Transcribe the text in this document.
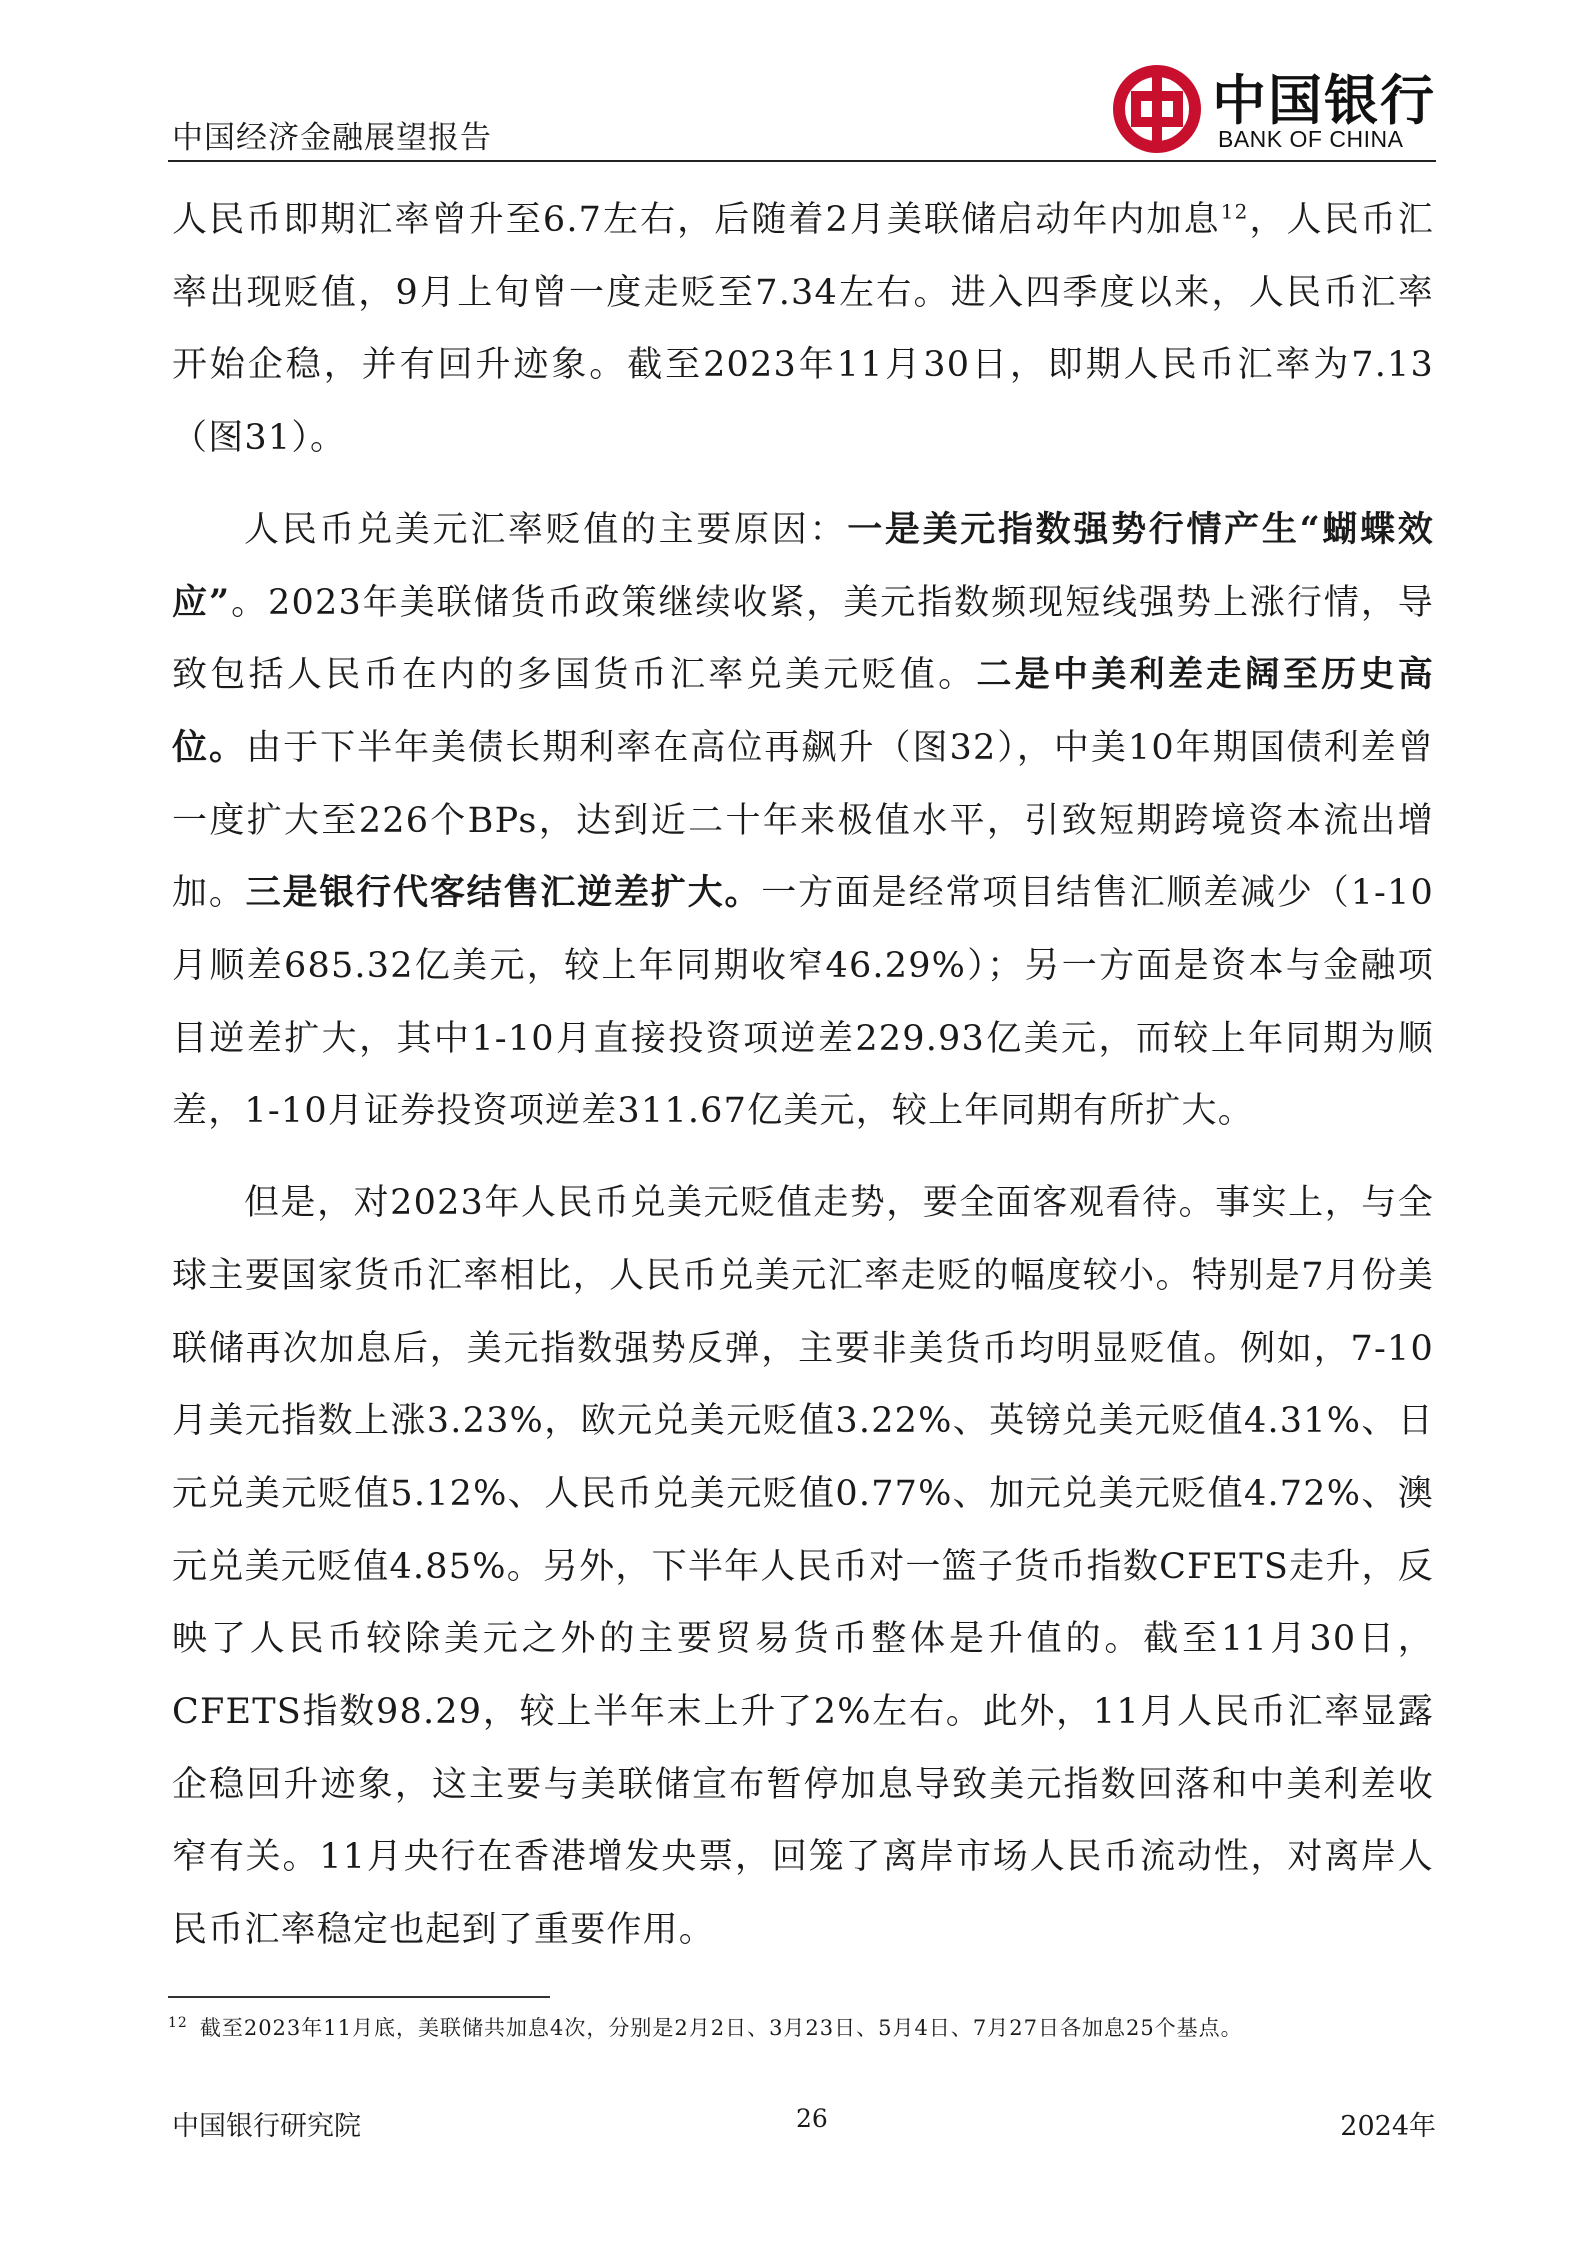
中国经济金融展望报告
中国银行
BANK OF CHINA

人民币即期汇率曾升至6.7左右，后随着2月美联储启动年内加息$^{12}$，人民币汇率出现贬值，9月上旬曾一度走贬至7.34左右。进入四季度以来，人民币汇率开始企稳，并有回升迹象。截至2023年11月30日，即期人民币汇率为7.13（图31）。

人民币兑美元汇率贬值的主要原因：一是美元指数强势行情产生“蝴蝶效应”。2023年美联储货币政策继续收紧，美元指数频现短线强势上涨行情，导致包括人民币在内的多国货币汇率兑美元贬值。二是中美利差走阔至历史高位。由于下半年美债长期利率在高位再飙升（图32），中美10年期国债利差曾一度扩大至226个BPs，达到近二十年来极值水平，引致短期跨境资本流出增加。三是银行代客结售汇逆差扩大。一方面是经常项目结售汇顺差减少（1-10月顺差685.32亿美元，较上年同期收窄46.29%）；另一方面是资本与金融项目逆差扩大，其中1-10月直接投资项逆差229.93亿美元，而较上年同期为顺差，1-10月证券投资项逆差311.67亿美元，较上年同期有所扩大。

但是，对2023年人民币兑美元贬值走势，要全面客观看待。事实上，与全球主要国家货币汇率相比，人民币兑美元汇率走贬的幅度较小。特别是7月份美联储再次加息后，美元指数强势反弹，主要非美货币均明显贬值。例如，7-10月美元指数上涨3.23%，欧元兑美元贬值3.22%、英镑兑美元贬值4.31%、日元兑美元贬值5.12%、人民币兑美元贬值0.77%、加元兑美元贬值4.72%、澳元兑美元贬值4.85%。另外，下半年人民币对一篮子货币指数CFETS走升，反映了人民币较除美元之外的主要贸易货币整体是升值的。截至11月30日，CFETS指数98.29，较上半年末上升了2%左右。此外，11月人民币汇率显露企稳回升迹象，这主要与美联储宣布暂停加息导致美元指数回落和中美利差收窄有关。11月央行在香港增发央票，回笼了离岸市场人民币流动性，对离岸人民币汇率稳定也起到了重要作用。

$^{12}$ 截至2023年11月底，美联储共加息4次，分别是2月2日、3月23日、5月4日、7月27日各加息25个基点。
中国银行研究院	26	2024年
